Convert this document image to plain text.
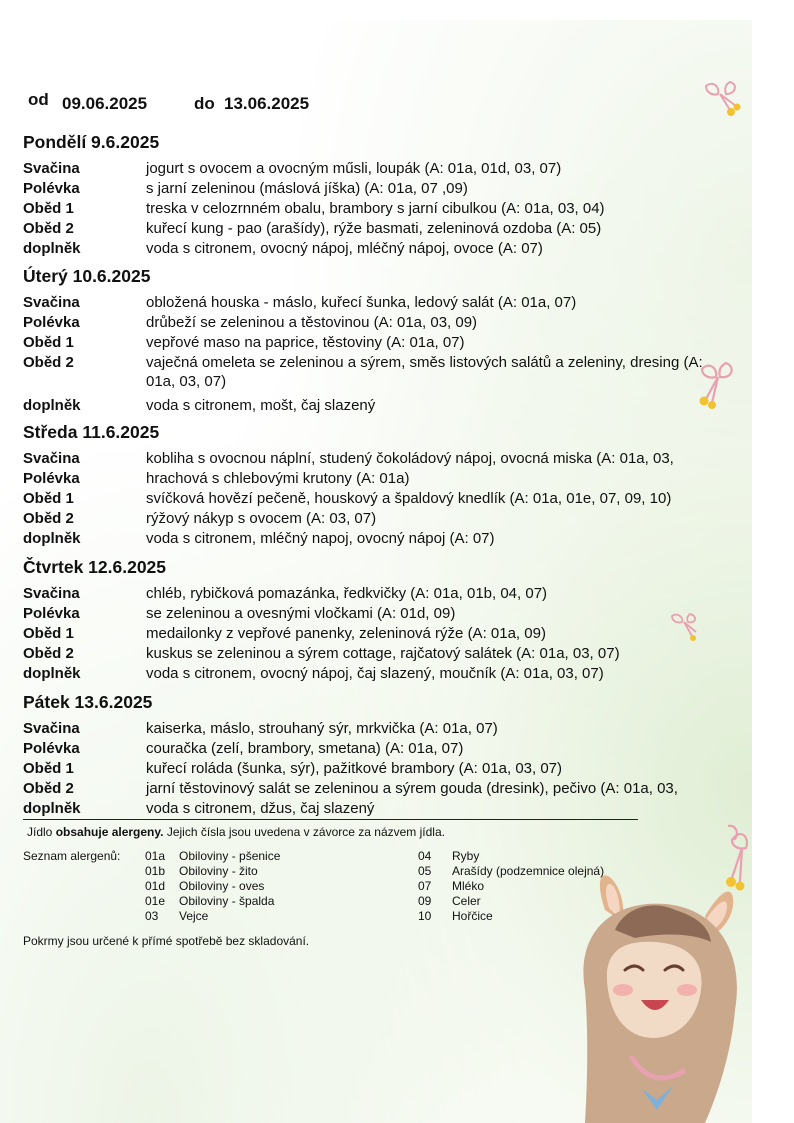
od 09.06.2025	do 13.06.2025
Pondělí 9.6.2025
Svačina	jogurt s ovocem a ovocným műsli, loupák (A: 01a, 01d, 03, 07)
Polévka	s jarní zeleninou (máslová jíška) (A: 01a, 07 ,09)
Oběd 1	treska v celozrnném obalu, brambory s jarní cibulkou (A: 01a, 03, 04)
Oběd 2	kuřecí kung - pao (arašídy), rýže basmati, zeleninová ozdoba (A: 05)
doplněk	voda s citronem, ovocný nápoj, mléčný nápoj, ovoce (A: 07)
Úterý 10.6.2025
Svačina	obložená houska - máslo, kuřecí šunka, ledový salát (A: 01a, 07)
Polévka	drůbeží se zeleninou a těstovinou (A: 01a, 03, 09)
Oběd 1	vepřové maso na paprice, těstoviny (A: 01a, 07)
Oběd 2	vaječná omeleta se zeleninou a sýrem, směs listových salátů a zeleniny, dresing (A: 01a, 03, 07)
doplněk	voda s citronem, mošt, čaj slazený
Středa 11.6.2025
Svačina	kobliha s ovocnou náplní, studený čokoládový nápoj, ovocná miska (A: 01a, 03,
Polévka	hrachová s chlebovými krutony (A: 01a)
Oběd 1	svíčková hovězí pečeně, houskový a špaldový knedlík (A: 01a, 01e, 07, 09, 10)
Oběd 2	rýžový nákyp s ovocem (A: 03, 07)
doplněk	voda s citronem, mléčný napoj, ovocný nápoj (A: 07)
Čtvrtek 12.6.2025
Svačina	chléb, rybičková pomazánka, ředkvičky (A: 01a, 01b, 04, 07)
Polévka	se zeleninou a ovesnými vločkami (A: 01d, 09)
Oběd 1	medailonky z vepřové panenky, zeleninová rýže (A: 01a, 09)
Oběd 2	kuskus se zeleninou a sýrem cottage, rajčatový salátek (A: 01a, 03, 07)
doplněk	voda s citronem, ovocný nápoj, čaj slazený, moučník (A: 01a, 03, 07)
Pátek 13.6.2025
Svačina	kaiserka, máslo, strouhaný sýr, mrkvička (A: 01a, 07)
Polévka	couračka (zelí, brambory, smetana) (A: 01a, 07)
Oběd 1	kuřecí roláda (šunka, sýr), pažitkové brambory (A: 01a, 03, 07)
Oběd 2	jarní těstovinový salát se zeleninou a sýrem gouda (dresink), pečivo (A: 01a, 03,
doplněk	voda s citronem, džus, čaj slazený
Jídlo obsahuje alergeny. Jejich čísla jsou uvedena v závorce za názvem jídla.
Seznam alergenů: 01a Obiloviny - pšenice
01b Obiloviny - žito
01d Obiloviny - oves
01e Obiloviny - špalda
03 Vejce
04 Ryby
05 Arašídy (podzemnice olejná)
07 Mléko
09 Celer
10 Hořčice
Pokrmy jsou určené k přímé spotřebě bez skladování.
